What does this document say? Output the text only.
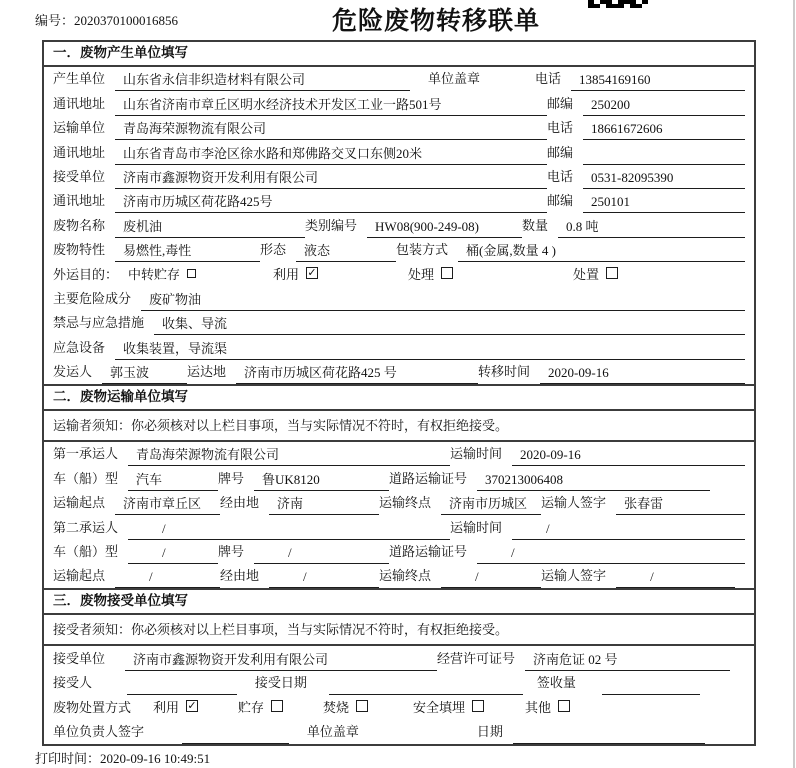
编号：2020370100016856	危险废物转移联单
一．废物产生单位填写
产生单位	山东省永信非织造材料有限公司	单位盖章	电话	13854169160
通讯地址	山东省济南市章丘区明水经济技术开发区工业一路501号	邮编	250200
运输单位	青岛海荣源物流有限公司	电话	18661672606
通讯地址	山东省青岛市李沧区徐水路和郑佛路交叉口东侧20米	邮编
接受单位	济南市鑫源物资开发利用有限公司	电话	0531-82095390
通讯地址	济南市历城区荷花路425号	邮编	250101
废物名称	废机油	类别编号	HW08(900-249-08)	数量	0.8 吨
废物特性	易燃性,毒性	形态	液态	包装方式	桶(金属,数量 4 )
外运目的： 中转贮存	利用 ✓	处理	处置
主要危险成分	废矿物油
禁忌与应急措施	收集、导流
应急设备	收集装置，导流渠
发运人	郭玉波	运达地	济南市历城区荷花路425 号	转移时间	2020-09-16
二．废物运输单位填写
运输者须知：你必须核对以上栏目事项，当与实际情况不符时，有权拒绝接受。
第一承运人	青岛海荣源物流有限公司	运输时间	2020-09-16
车（船）型	汽车	牌号	鲁UK8120	道路运输证号	370213006408
运输起点	济南市章丘区	经由地	济南	运输终点	济南市历城区	运输人签字	张春雷
第二承运人	/	运输时间	/
车（船）型	/	牌号	/	道路运输证号	/
运输起点	/	经由地	/	运输终点	/	运输人签字	/
三．废物接受单位填写
接受者须知：你必须核对以上栏目事项，当与实际情况不符时，有权拒绝接受。
接受单位	济南市鑫源物资开发利用有限公司	经营许可证号	济南危证 02 号
接受人	接受日期	签收量
废物处置方式	利用 ✓	贮存	焚烧	安全填埋	其他
单位负责人签字	单位盖章	日期
打印时间：2020-09-16 10:49:51
